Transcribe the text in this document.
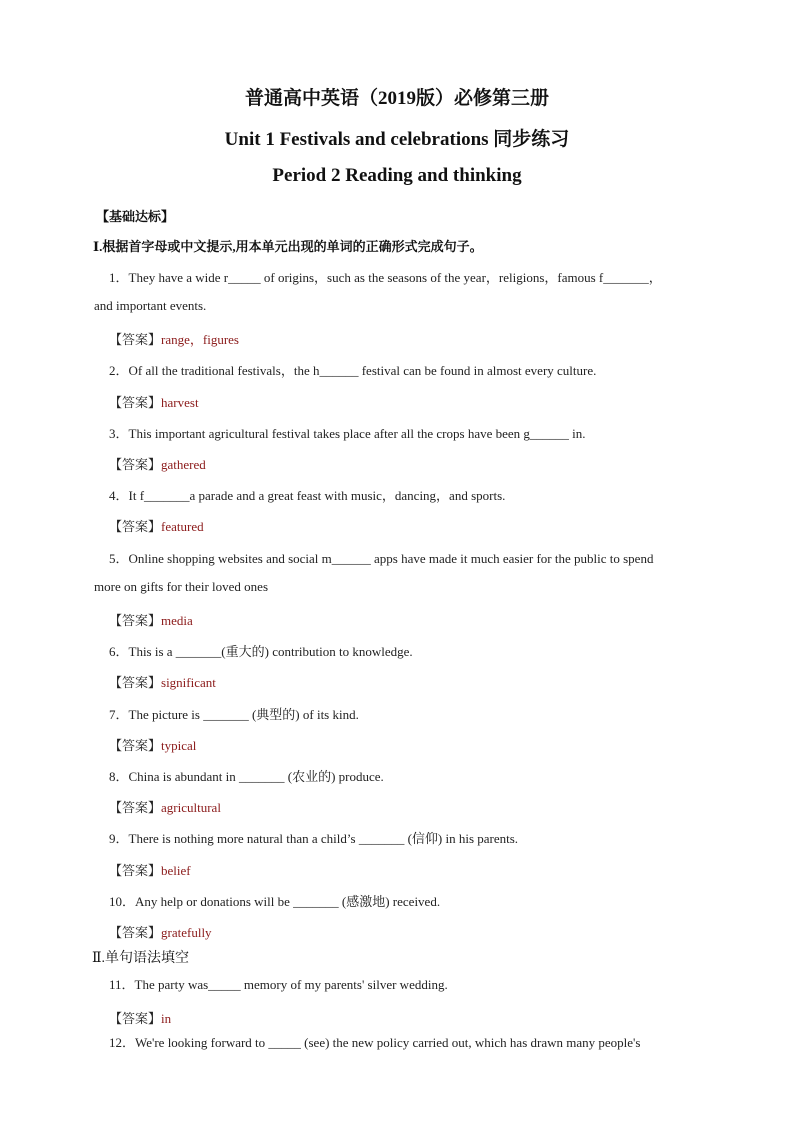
普通高中英语（2019版）必修第三册
Unit 1 Festivals and celebrations 同步练习
Period 2 Reading and thinking
【基础达标】
Ⅰ.根据首字母或中文提示,用本单元出现的单词的正确形式完成句子。
1．They have a wide r_____ of origins，such as the seasons of the year，religions，famous f_______，
and important events.
【答案】range，figures
2．Of all the traditional festivals，the h______ festival can be found in almost every culture.
【答案】harvest
3．This important agricultural festival takes place after all the crops have been g______ in.
【答案】gathered
4．It f_______a parade and a great feast with music，dancing，and sports.
【答案】featured
5．Online shopping websites and social m______ apps have made it much easier for the public to spend
more on gifts for their loved ones
【答案】media
6．This is a _______(重大的) contribution to knowledge.
【答案】significant
7．The picture is _______ (典型的) of its kind.
【答案】typical
8．China is abundant in _______ (农业的) produce.
【答案】agricultural
9．There is nothing more natural than a child’s _______ (信仰) in his parents.
【答案】belief
10．Any help or donations will be _______ (感激地) received.
【答案】gratefully
Ⅱ.单句语法填空
11．The party was_____ memory of my parents' silver wedding.
【答案】in
12．We're looking forward to _____ (see) the new policy carried out, which has drawn many people's
